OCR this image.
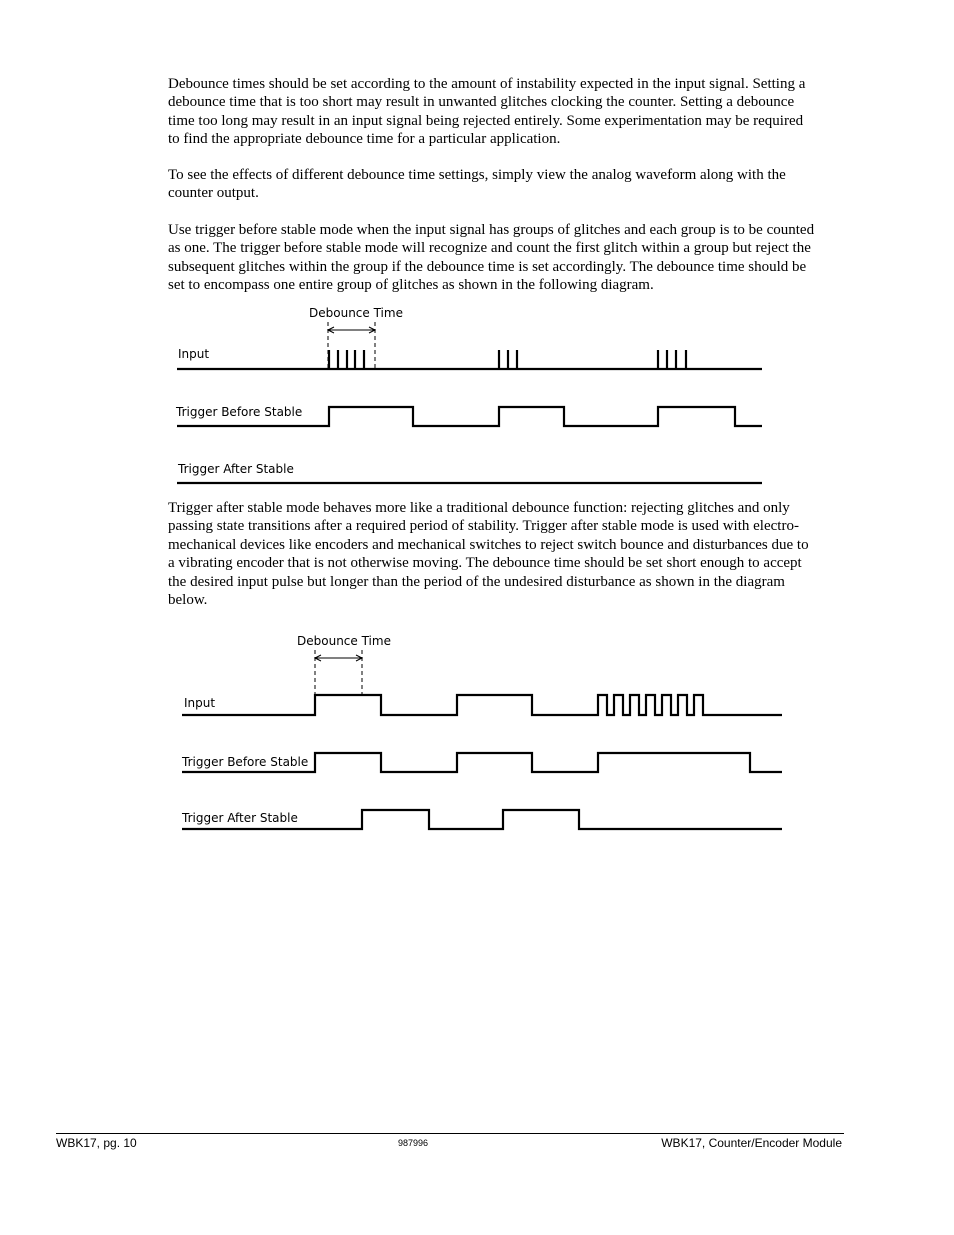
Debounce times should be set according to the amount of instability expected in the input signal. Setting a
debounce time that is too short may result in unwanted glitches clocking the counter. Setting a debounce
time too long may result in an input signal being rejected entirely. Some experimentation may be required
to find the appropriate debounce time for a particular application.
To see the effects of different debounce time settings, simply view the analog waveform along with the
counter output.
Use trigger before stable mode when the input signal has groups of glitches and each group is to be counted
as one. The trigger before stable mode will recognize and count the first glitch within a group but reject the
subsequent glitches within the group if the debounce time is set accordingly. The debounce time should be
set to encompass one entire group of glitches as shown in the following diagram.
Debounce Time
Input
Trigger Before Stable
Trigger After Stable
Trigger after stable mode behaves more like a traditional debounce function: rejecting glitches and only
passing state transitions after a required period of stability. Trigger after stable mode is used with electro-
mechanical devices like encoders and mechanical switches to reject switch bounce and disturbances due to
a vibrating encoder that is not otherwise moving. The debounce time should be set short enough to accept
the desired input pulse but longer than the period of the undesired disturbance as shown in the diagram
below.
Debounce Time
Input
Trigger Before Stable
Trigger After Stable
WBK17, pg. 10	987996	WBK17, Counter/Encoder Module
